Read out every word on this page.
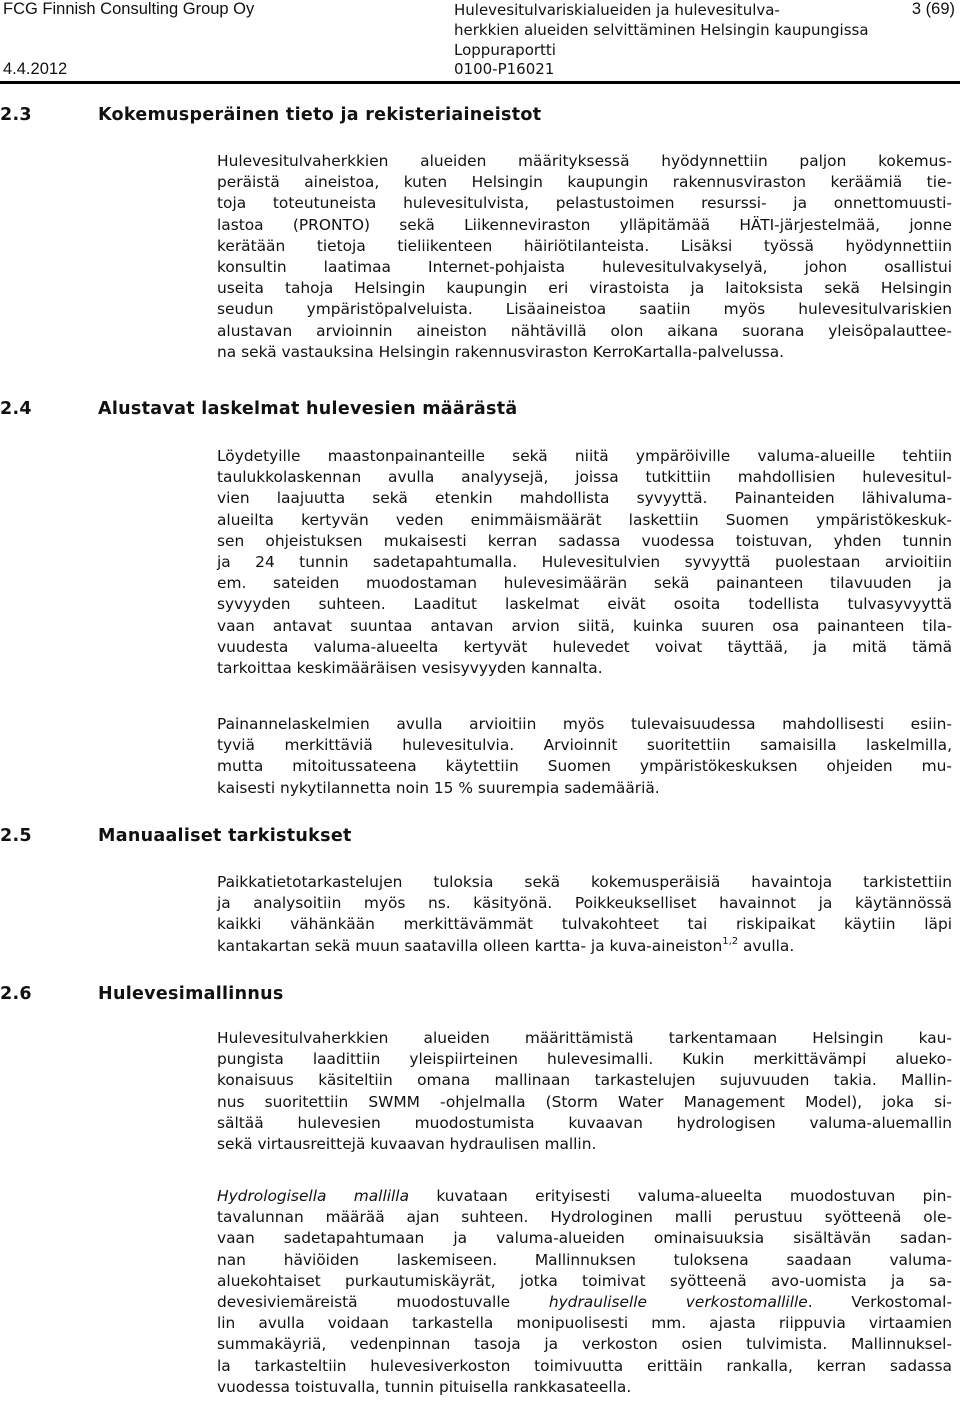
FCG Finnish Consulting Group Oy	Hulevesitulvariskialueiden ja hulevesitulva-
herkkien alueiden selvittäminen Helsingin kaupungissa
Loppuraportti
3 (69)
4.4.2012	0100-P16021
2.3	Kokemusperäinen tieto ja rekisteriaineistot
Hulevesitulvaherkkien alueiden määrityksessä hyödynnettiin paljon kokemus-
peräistä aineistoa, kuten Helsingin kaupungin rakennusviraston keräämiä tie-
toja toteutuneista hulevesitulvista, pelastustoimen resurssi- ja onnettomuusti-
lastoa (PRONTO) sekä Liikenneviraston ylläpitämää HÄTI-järjestelmää, jonne
kerätään tietoja tieliikenteen häiriötilanteista. Lisäksi työssä hyödynnettiin
konsultin laatimaa Internet-pohjaista hulevesitulvakyselyä, johon osallistui
useita tahoja Helsingin kaupungin eri virastoista ja laitoksista sekä Helsingin
seudun ympäristöpalveluista. Lisäaineistoa saatiin myös hulevesitulvariskien
alustavan arvioinnin aineiston nähtävillä olon aikana suorana yleisöpalauttee-
na sekä vastauksina Helsingin rakennusviraston KerroKartalla-palvelussa.
2.4	Alustavat laskelmat hulevesien määrästä
Löydetyille maastonpainanteille sekä niitä ympäröiville valuma-alueille tehtiin
taulukkolaskennan avulla analyysejä, joissa tutkittiin mahdollisien hulevesitul-
vien laajuutta sekä etenkin mahdollista syvyyttä. Painanteiden lähivaluma-
alueilta kertyvän veden enimmäismäärät laskettiin Suomen ympäristökeskuk-
sen ohjeistuksen mukaisesti kerran sadassa vuodessa toistuvan, yhden tunnin
ja 24 tunnin sadetapahtumalla. Hulevesitulvien syvyyttä puolestaan arvioitiin
em. sateiden muodostaman hulevesimäärän sekä painanteen tilavuuden ja
syvyyden suhteen. Laaditut laskelmat eivät osoita todellista tulvasyvyyttä
vaan antavat suuntaa antavan arvion siitä, kuinka suuren osa painanteen tila-
vuudesta valuma-alueelta kertyvät hulevedet voivat täyttää, ja mitä tämä
tarkoittaa keskimääräisen vesisyvyyden kannalta.
Painannelaskelmien avulla arvioitiin myös tulevaisuudessa mahdollisesti esiin-
tyviä merkittäviä hulevesitulvia. Arvioinnit suoritettiin samaisilla laskelmilla,
mutta mitoitussateena käytettiin Suomen ympäristökeskuksen ohjeiden mu-
kaisesti nykytilannetta noin 15 % suurempia sademääriä.
2.5	Manuaaliset tarkistukset
Paikkatietotarkastelujen tuloksia sekä kokemusperäisiä havaintoja tarkistettiin
ja analysoitiin myös ns. käsityönä. Poikkeukselliset havainnot ja käytännössä
kaikki vähänkään merkittävämmät tulvakohteet tai riskipaikat käytiin läpi
kantakartan sekä muun saatavilla olleen kartta- ja kuva-aineiston$^{1,2}$ avulla.
2.6	Hulevesimallinnus
Hulevesitulvaherkkien alueiden määrittämistä tarkentamaan Helsingin kau-
pungista laadittiin yleispiirteinen hulevesimalli. Kukin merkittävämpi alueko-
konaisuus käsiteltiin omana mallinaan tarkastelujen sujuvuuden takia. Mallin-
nus suoritettiin SWMM -ohjelmalla (Storm Water Management Model), joka si-
sältää hulevesien muodostumista kuvaavan hydrologisen valuma-aluemallin
sekä virtausreittejä kuvaavan hydraulisen mallin.
Hydrologisella mallilla kuvataan erityisesti valuma-alueelta muodostuvan pin-
tavalunnan määrää ajan suhteen. Hydrologinen malli perustuu syötteenä ole-
vaan sadetapahtumaan ja valuma-alueiden ominaisuuksia sisältävän sadan-
nan häviöiden laskemiseen. Mallinnuksen tuloksena saadaan valuma-
aluekohtaiset purkautumiskäyrät, jotka toimivat syötteenä avo-uomista ja sa-
devesiviemäreistä muodostuvalle hydrauliselle verkostomallille. Verkostomal-
lin avulla voidaan tarkastella monipuolisesti mm. ajasta riippuvia virtaamien
summakäyriä, vedenpinnan tasoja ja verkoston osien tulvimista. Mallinnuksel-
la tarkasteltiin hulevesiverkoston toimivuutta erittäin rankalla, kerran sadassa
vuodessa toistuvalla, tunnin pituisella rankkasateella.
